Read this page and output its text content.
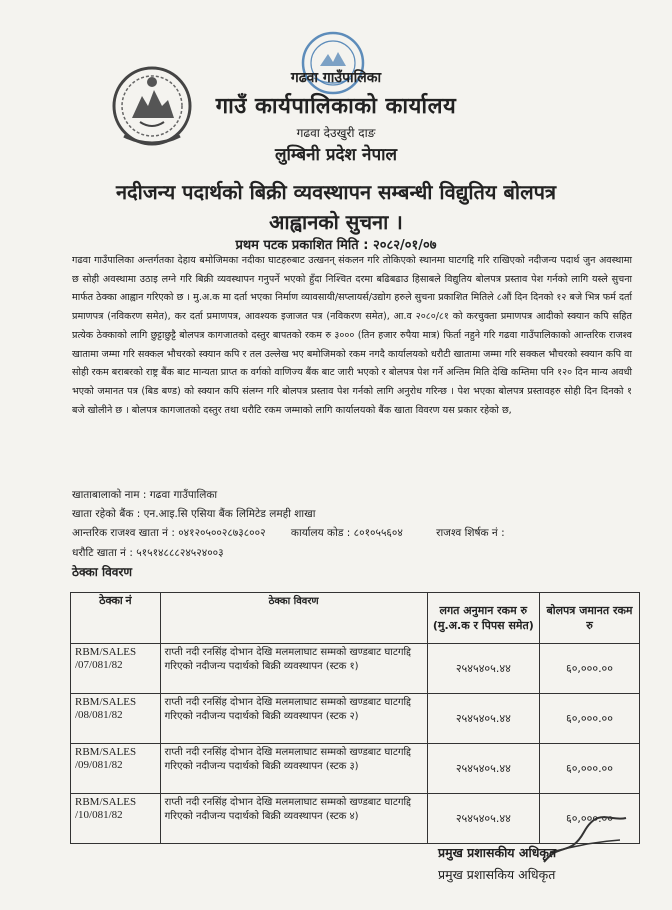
गढवा गाउँपालिका
गाउँ कार्यपालिकाको कार्यालय
गढवा देउखुरी दाङ
लुम्बिनी प्रदेश नेपाल
नदीजन्य पदार्थको बिक्री व्यवस्थापन सम्बन्धी विद्युतिय बोलपत्र
आह्वानको सुचना ।
प्रथम पटक प्रकाशित मिति : २०८२/०१/०७
गढवा गाउँपालिका अन्तर्गतका देहाय बमोजिमका नदीका घाटहरुबाट उत्खनन् संकलन गरि तोकिएको स्थानमा घाटगद्दि गरि राखिएको नदीजन्य पदार्थ जुन अवस्थामा छ सोही अवस्थामा उठाइ लग्ने गरि बिक्री व्यवस्थापन गनुपर्ने भएको हुँदा निश्चित दरमा बढिबढाउ हिसाबले विद्युतिय बोलपत्र प्रस्ताव पेश गर्नको लागि यस्ले सुचना मार्फत ठेक्का आह्वान गरिएको छ । मु.अ.क मा दर्ता भएका निर्माण व्यावसायी/सप्लायर्स/उद्योग हरुले सुचना प्रकाशित मितिले ८औं दिन दिनको १२ बजे भित्र फर्म दर्ता प्रमाणपत्र (नविकरण समेत), कर दर्ता प्रमाणपत्र, आवश्यक इजाजत पत्र (नविकरण समेत), आ.व २०८०/८१ को करचुक्ता प्रमाणपत्र आदीको स्क्यान कपि सहित प्रत्येक ठेक्काको लागि छुट्टाछुट्टै बोलपत्र कागजातको दस्तुर बापतको रकम रु ३००० (तिन हजार रुपैया मात्र) फिर्ता नहुने गरि गढवा गाउँपालिकाको आन्तरिक राजश्व खातामा जम्मा गरि सक्कल भौचरको स्क्यान कपि र तल उल्लेख भए बमोजिमको रकम नगदै कार्यालयको धरौटी खातामा जम्मा गरि सक्कल भौचरको स्क्यान कपि वा सोही रकम बराबरको राष्ट्र बैंक बाट मान्यता प्राप्त क वर्गको वाणिज्य बैंक बाट जारी भएको र बोलपत्र पेश गर्ने अन्तिम मिति देखि कम्तिमा पनि १२० दिन मान्य अवधी भएको जमानत पत्र (बिड बण्ड) को स्क्यान कपि संलग्न गरि बोलपत्र प्रस्ताव पेश गर्नको लागि अनुरोध गरिन्छ । पेश भएका बोलपत्र प्रस्तावहरु सोही दिन दिनको १ बजे खोलीने छ । बोलपत्र कागजातको दस्तुर तथा धरौटि रकम जम्माको लागि कार्यालयको बैंक खाता विवरण यस प्रकार रहेको छ,
खाताबालाको नाम : गढवा गाउँपालिका
खाता रहेको बैंक : एन.आइ.सि एसिया बैंक लिमिटेड लमही शाखा
आन्तरिक राजश्व खाता नं : ०४१२०५००२८७३८००२ कार्यालय कोड : ८०१०५५६०४	राजश्व शिर्षक नं :
धरौटि खाता नं : ५१५१४८८८२४५२४००३
ठेक्का विवरण
ठेक्का नं	ठेक्का विवरण	लगत अनुमान रकम रु (मु.अ.क र पिपस समेत)	बोलपत्र जमानत रकम रु
RBM/SALES /07/081/82	राप्ती नदी रनसिंह दोभान देखि मलमलाघाट सम्मको खण्डबाट घाटगद्दि गरिएको नदीजन्य पदार्थको बिक्री व्यवस्थापन (स्टक १)	२५४५४०५.४४	६०,०००.००
RBM/SALES /08/081/82	राप्ती नदी रनसिंह दोभान देखि मलमलाघाट सम्मको खण्डबाट घाटगद्दि गरिएको नदीजन्य पदार्थको बिक्री व्यवस्थापन (स्टक २)	२५४५४०५.४४	६०,०००.००
RBM/SALES /09/081/82	राप्ती नदी रनसिंह दोभान देखि मलमलाघाट सम्मको खण्डबाट घाटगद्दि गरिएको नदीजन्य पदार्थको बिक्री व्यवस्थापन (स्टक ३)	२५४५४०५.४४	६०,०००.००
RBM/SALES /10/081/82	राप्ती नदी रनसिंह दोभान देखि मलमलाघाट सम्मको खण्डबाट घाटगद्दि गरिएको नदीजन्य पदार्थको बिक्री व्यवस्थापन (स्टक ४)	२५४५४०५.४४	६०,०००.००
प्रमुख प्रशासकीय अधिकृत
प्रमुख प्रशासकिय अधिकृत
